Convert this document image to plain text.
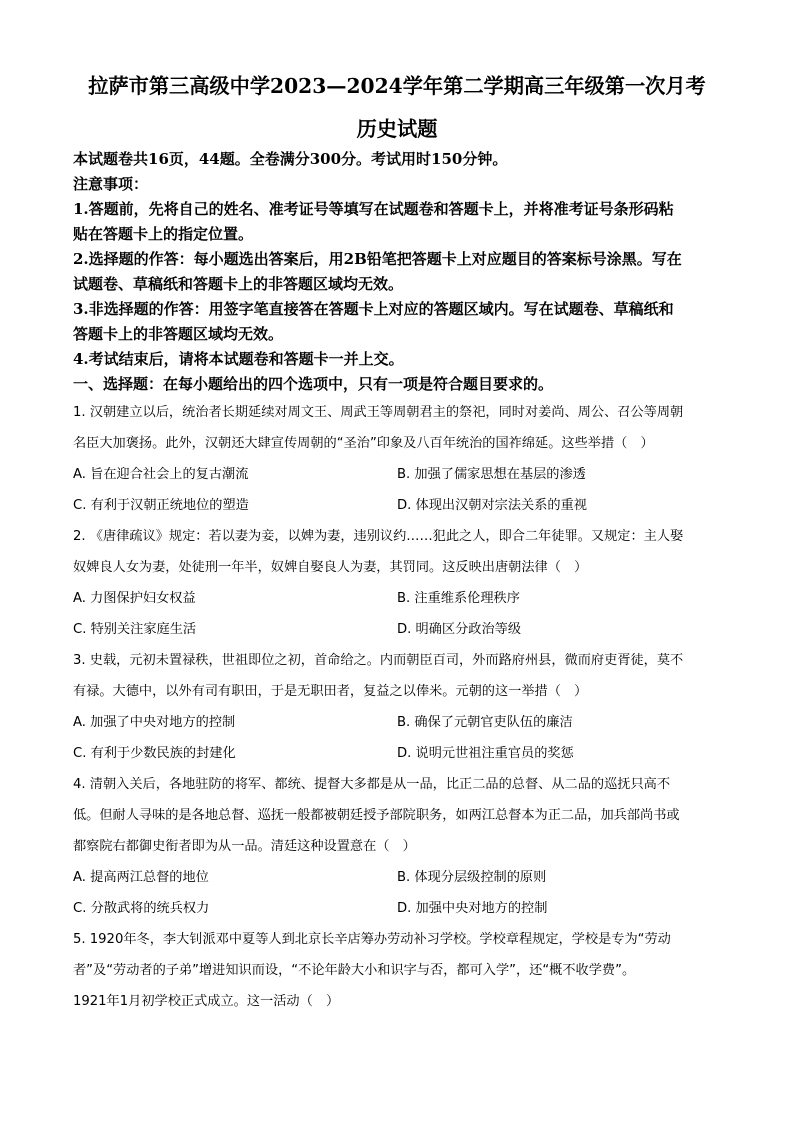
拉萨市第三高级中学2023—2024学年第二学期高三年级第一次月考
历史试题
本试题卷共16页，44题。全卷满分300分。考试用时150分钟。
注意事项：
1.答题前，先将自己的姓名、准考证号等填写在试题卷和答题卡上，并将准考证号条形码粘
贴在答题卡上的指定位置。
2.选择题的作答：每小题选出答案后，用2B铅笔把答题卡上对应题目的答案标号涂黑。写在
试题卷、草稿纸和答题卡上的非答题区域均无效。
3.非选择题的作答：用签字笔直接答在答题卡上对应的答题区域内。写在试题卷、草稿纸和
答题卡上的非答题区域均无效。
4.考试结束后，请将本试题卷和答题卡一并上交。
一、选择题：在每小题给出的四个选项中，只有一项是符合题目要求的。
1. 汉朝建立以后，统治者长期延续对周文王、周武王等周朝君主的祭祀，同时对姜尚、周公、召公等周朝
名臣大加褒扬。此外，汉朝还大肆宣传周朝的“圣治”印象及八百年统治的国祚绵延。这些举措（　）
A. 旨在迎合社会上的复古潮流	B. 加强了儒家思想在基层的渗透
C. 有利于汉朝正统地位的塑造	D. 体现出汉朝对宗法关系的重视
2. 《唐律疏议》规定：若以妻为妾，以婢为妻，违别议约……犯此之人，即合二年徒罪。又规定：主人娶
奴婢良人女为妻，处徒刑一年半，奴婢自娶良人为妻，其罚同。这反映出唐朝法律（　）
A. 力图保护妇女权益	B. 注重维系伦理秩序
C. 特别关注家庭生活	D. 明确区分政治等级
3. 史载，元初未置禄秩，世祖即位之初，首命给之。内而朝臣百司，外而路府州县，微而府吏胥徒，莫不
有禄。大德中，以外有司有职田，于是无职田者，复益之以俸米。元朝的这一举措（　）
A. 加强了中央对地方的控制	B. 确保了元朝官吏队伍的廉洁
C. 有利于少数民族的封建化	D. 说明元世祖注重官员的奖惩
4. 清朝入关后，各地驻防的将军、都统、提督大多都是从一品，比正二品的总督、从二品的巡抚只高不
低。但耐人寻味的是各地总督、巡抚一般都被朝廷授予部院职务，如两江总督本为正二品，加兵部尚书或
都察院右都御史衔者即为从一品。清廷这种设置意在（　）
A. 提高两江总督的地位	B. 体现分层级控制的原则
C. 分散武将的统兵权力	D. 加强中央对地方的控制
5. 1920年冬，李大钊派邓中夏等人到北京长辛店筹办劳动补习学校。学校章程规定，学校是专为“劳动
者”及“劳动者的子弟”增进知识而设，“不论年龄大小和识字与否，都可入学”，还“概不收学费”。
1921年1月初学校正式成立。这一活动（　）
